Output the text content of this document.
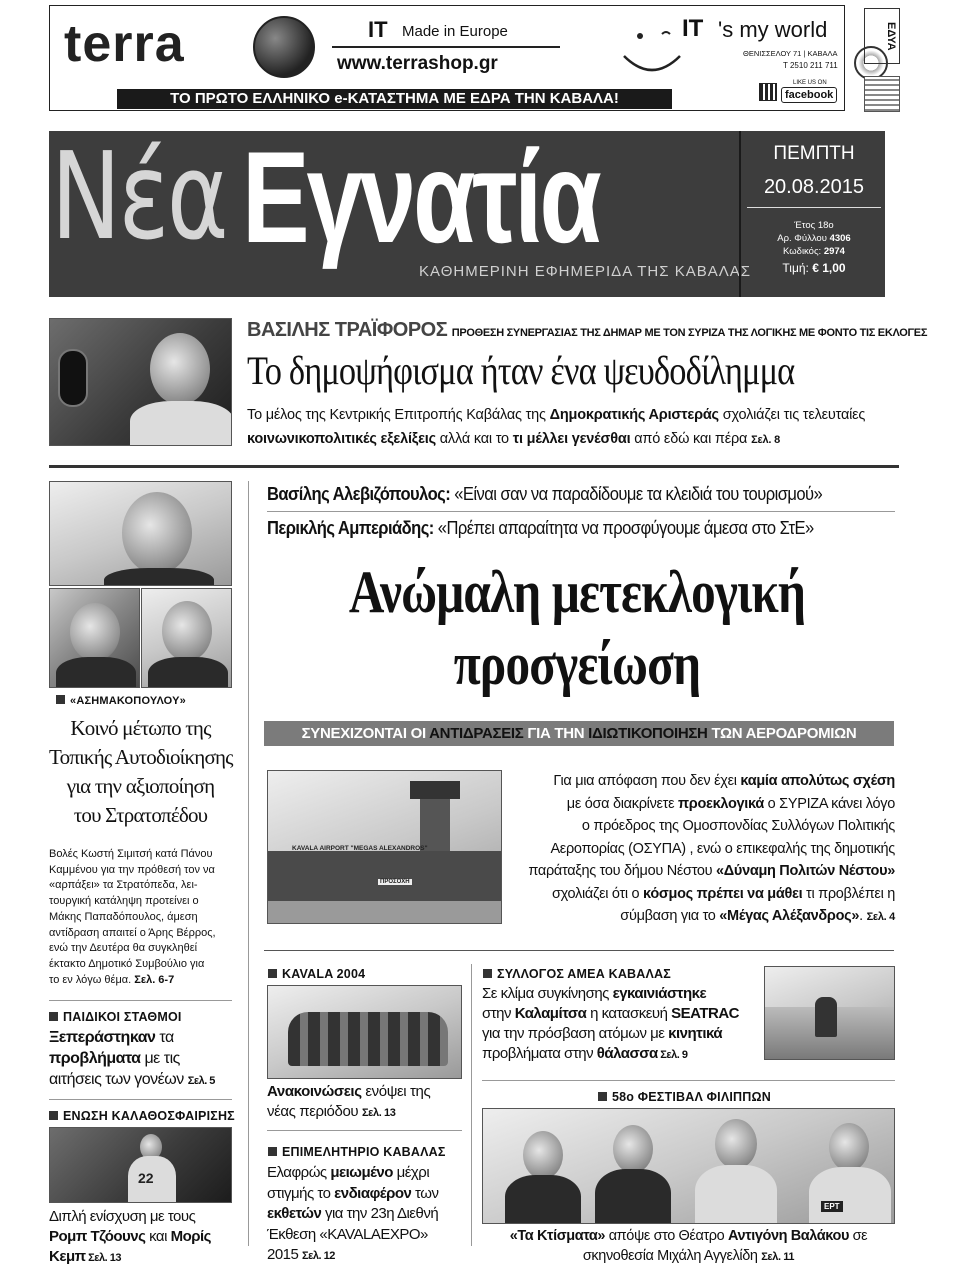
terra	IT Made in Europe
www.terrashop.gr
IT 's my world
ΘΕΝΙΣΣΕΛΟΥ 71 | ΚΑΒΑΛΑ
T 2510 211 711
LIKE US ON
facebook
ΤΟ ΠΡΩΤΟ ΕΛΛΗΝΙΚΟ e-ΚΑΤΑΣΤΗΜΑ ΜΕ ΕΔΡΑ ΤΗΝ ΚΑΒΑΛΑ!
ΕΔΥΑ
Νέα Εγνατία
ΚΑΘΗΜΕΡΙΝΗ ΕΦΗΜΕΡΙΔΑ ΤΗΣ ΚΑΒΑΛΑΣ
ΠΕΜΠΤΗ
20.08.2015
Έτος 18ο
Αρ. Φύλλου 4306
Κωδικός: 2974
Τιμή: € 1,00
ΒΑΣΙΛΗΣ ΤΡΑΪΦΟΡΟΣ ΠΡΟΘΕΣΗ ΣΥΝΕΡΓΑΣΙΑΣ ΤΗΣ ΔΗΜΑΡ ΜΕ ΤΟΝ ΣΥΡΙΖΑ ΤΗΣ ΛΟΓΙΚΗΣ ΜΕ ΦΟΝΤΟ ΤΙΣ ΕΚΛΟΓΕΣ
Το δημοψήφισμα ήταν ένα ψευδοδίλημμα
Το μέλος της Κεντρικής Επιτροπής Καβάλας της Δημοκρατικής Αριστεράς σχολιάζει τις τελευταίες
κοινωνικοπολιτικές εξελίξεις αλλά και το τι μέλλει γενέσθαι από εδώ και πέρα Σελ. 8
«ΑΣΗΜΑΚΟΠΟΥΛΟΥ»
Κοινό μέτωπο της
Τοπικής Αυτοδιοίκησης
για την αξιοποίηση
του Στρατοπέδου
Βολές Κωστή Σιμιτσή κατά Πάνου
Καμμένου για την πρόθεσή τον να
«αρπάξει» τα Στρατόπεδα, λει-
τουργική κατάληψη προτείνει ο
Μάκης Παπαδόπουλος, άμεση
αντίδραση απαιτεί ο Άρης Βέρρος,
ενώ την Δευτέρα θα συγκληθεί
έκτακτο Δημοτικό Συμβούλιο για
το εν λόγω θέμα. Σελ. 6-7
ΠΑΙΔΙΚΟΙ ΣΤΑΘΜΟΙ
Ξεπεράστηκαν τα
προβλήματα με τις
αιτήσεις των γονέων Σελ. 5
ΕΝΩΣΗ ΚΑΛΑΘΟΣΦΑΙΡΙΣΗΣ
22
Διπλή ενίσχυση με τους
Ρομπ Τζόουνς και Μορίς
Κεμπ Σελ. 13
Βασίλης Αλεβιζόπουλος: «Είναι σαν να παραδίδουμε τα κλειδιά του τουρισμού»
Περικλής Αμπεριάδης: «Πρέπει απαραίτητα να προσφύγουμε άμεσα στο ΣτΕ»
Ανώμαλη μετεκλογική
προσγείωση
ΣΥΝΕΧΙΖΟΝΤΑΙ ΟΙ ΑΝΤΙΔΡΑΣΕΙΣ ΓΙΑ ΤΗΝ ΙΔΙΩΤΙΚΟΠΟΙΗΣΗ ΤΩΝ ΑΕΡΟΔΡΟΜΙΩΝ
KAVALA AIRPORT "MEGAS ALEXANDROS"
ΠΡΟΣΟΧΗ
Για μια απόφαση που δεν έχει καμία απολύτως σχέση
με όσα διακρίνετε προεκλογικά ο ΣΥΡΙΖΑ κάνει λόγο
ο πρόεδρος της Ομοσπονδίας Συλλόγων Πολιτικής
Αεροπορίας (ΟΣΥΠΑ) , ενώ ο επικεφαλής της δημοτικής
παράταξης του δήμου Νέστου «Δύναμη Πολιτών Νέστου»
σχολιάζει ότι ο κόσμος πρέπει να μάθει τι προβλέπει η
σύμβαση για το «Μέγας Αλέξανδρος». Σελ. 4
KAVALA 2004
Ανακοινώσεις ενόψει της
νέας περιόδου Σελ. 13
ΕΠΙΜΕΛΗΤΗΡΙΟ ΚΑΒΑΛΑΣ
Ελαφρώς μειωμένο μέχρι
στιγμής το ενδιαφέρον των
εκθετών για την 23η Διεθνή
Έκθεση «KAVALAEXPO»
2015 Σελ. 12
ΣΥΛΛΟΓΟΣ ΑΜΕΑ ΚΑΒΑΛΑΣ
Σε κλίμα συγκίνησης εγκαινιάστηκε
στην Καλαμίτσα η κατασκευή SEATRAC
για την πρόσβαση ατόμων με κινητικά
προβλήματα στην θάλασσα Σελ. 9
58ο ΦΕΣΤΙΒΑΛ ΦΙΛΙΠΠΩΝ
ΕΡΤ
«Τα Κτίσματα» απόψε στο Θέατρο Αντιγόνη Βαλάκου σε
σκηνοθεσία Μιχάλη Αγγελίδη Σελ. 11
